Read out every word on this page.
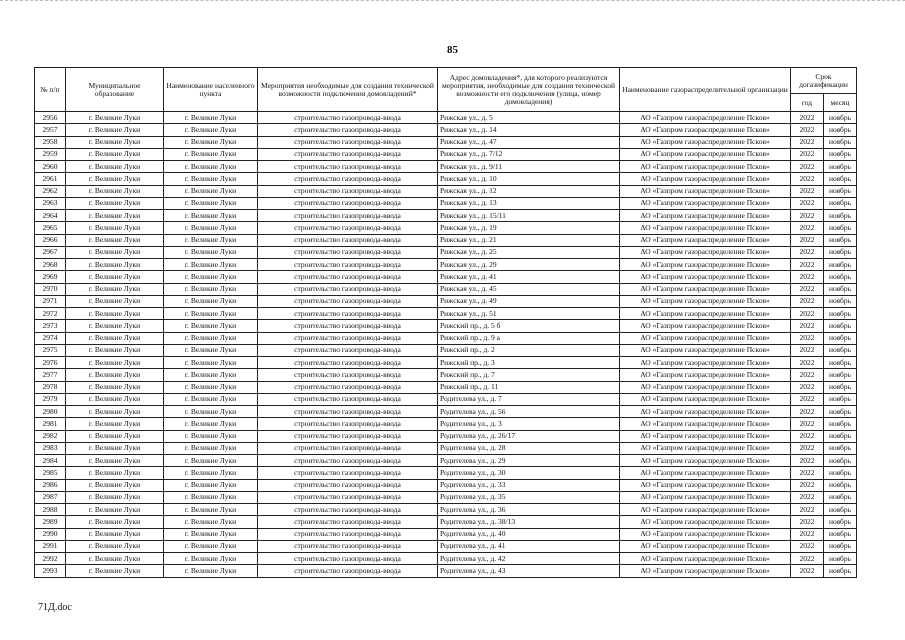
85
№ п/п	Муниципальное образование	Наименование населенного пункта	Мероприятия необходимые для создания технической возможности подключения домовладений*	Адрес домовладения*, для которого реализуются мероприятия, необходимые для создания технической возможности его подключения (улица, номер домовладения)	Наименование газораспределительной организации	Срок догазификации	
						год	месяц
2956	г. Великие Луки	г. Великие Луки	строительство газопровода-ввода	Рижская ул., д. 5	АО «Газпром газораспределение Псков»	2022	ноябрь
2957	г. Великие Луки	г. Великие Луки	строительство газопровода-ввода	Рижская ул., д. 14	АО «Газпром газораспределение Псков»	2022	ноябрь
2958	г. Великие Луки	г. Великие Луки	строительство газопровода-ввода	Рижская ул., д. 47	АО «Газпром газораспределение Псков»	2022	ноябрь
2959	г. Великие Луки	г. Великие Луки	строительство газопровода-ввода	Рижская ул., д. 7/12	АО «Газпром газораспределение Псков»	2022	ноябрь
2960	г. Великие Луки	г. Великие Луки	строительство газопровода-ввода	Рижская ул., д. 9/11	АО «Газпром газораспределение Псков»	2022	ноябрь
2961	г. Великие Луки	г. Великие Луки	строительство газопровода-ввода	Рижская ул., д. 10	АО «Газпром газораспределение Псков»	2022	ноябрь
2962	г. Великие Луки	г. Великие Луки	строительство газопровода-ввода	Рижская ул., д. 12	АО «Газпром газораспределение Псков»	2022	ноябрь
2963	г. Великие Луки	г. Великие Луки	строительство газопровода-ввода	Рижская ул., д. 13	АО «Газпром газораспределение Псков»	2022	ноябрь
2964	г. Великие Луки	г. Великие Луки	строительство газопровода-ввода	Рижская ул., д. 15/11	АО «Газпром газораспределение Псков»	2022	ноябрь
2965	г. Великие Луки	г. Великие Луки	строительство газопровода-ввода	Рижская ул., д. 19	АО «Газпром газораспределение Псков»	2022	ноябрь
2966	г. Великие Луки	г. Великие Луки	строительство газопровода-ввода	Рижская ул., д. 21	АО «Газпром газораспределение Псков»	2022	ноябрь
2967	г. Великие Луки	г. Великие Луки	строительство газопровода-ввода	Рижская ул., д. 25	АО «Газпром газораспределение Псков»	2022	ноябрь
2968	г. Великие Луки	г. Великие Луки	строительство газопровода-ввода	Рижская ул., д. 29	АО «Газпром газораспределение Псков»	2022	ноябрь
2969	г. Великие Луки	г. Великие Луки	строительство газопровода-ввода	Рижская ул., д. 41	АО «Газпром газораспределение Псков»	2022	ноябрь
2970	г. Великие Луки	г. Великие Луки	строительство газопровода-ввода	Рижская ул., д. 45	АО «Газпром газораспределение Псков»	2022	ноябрь
2971	г. Великие Луки	г. Великие Луки	строительство газопровода-ввода	Рижская ул., д. 49	АО «Газпром газораспределение Псков»	2022	ноябрь
2972	г. Великие Луки	г. Великие Луки	строительство газопровода-ввода	Рижская ул., д. 51	АО «Газпром газораспределение Псков»	2022	ноябрь
2973	г. Великие Луки	г. Великие Луки	строительство газопровода-ввода	Рижский пр., д. 5 б	АО «Газпром газораспределение Псков»	2022	ноябрь
2974	г. Великие Луки	г. Великие Луки	строительство газопровода-ввода	Рижский пр., д. 9 а	АО «Газпром газораспределение Псков»	2022	ноябрь
2975	г. Великие Луки	г. Великие Луки	строительство газопровода-ввода	Рижский пр., д. 2	АО «Газпром газораспределение Псков»	2022	ноябрь
2976	г. Великие Луки	г. Великие Луки	строительство газопровода-ввода	Рижский пр., д. 3	АО «Газпром газораспределение Псков»	2022	ноябрь
2977	г. Великие Луки	г. Великие Луки	строительство газопровода-ввода	Рижский пр., д. 7	АО «Газпром газораспределение Псков»	2022	ноябрь
2978	г. Великие Луки	г. Великие Луки	строительство газопровода-ввода	Рижский пр., д. 11	АО «Газпром газораспределение Псков»	2022	ноябрь
2979	г. Великие Луки	г. Великие Луки	строительство газопровода-ввода	Родителева ул., д. 7	АО «Газпром газораспределение Псков»	2022	ноябрь
2980	г. Великие Луки	г. Великие Луки	строительство газопровода-ввода	Родителева ул., д. 56	АО «Газпром газораспределение Псков»	2022	ноябрь
2981	г. Великие Луки	г. Великие Луки	строительство газопровода-ввода	Родителева ул., д. 3	АО «Газпром газораспределение Псков»	2022	ноябрь
2982	г. Великие Луки	г. Великие Луки	строительство газопровода-ввода	Родителева ул., д. 26/17	АО «Газпром газораспределение Псков»	2022	ноябрь
2983	г. Великие Луки	г. Великие Луки	строительство газопровода-ввода	Родителева ул., д. 28	АО «Газпром газораспределение Псков»	2022	ноябрь
2984	г. Великие Луки	г. Великие Луки	строительство газопровода-ввода	Родителева ул., д. 29	АО «Газпром газораспределение Псков»	2022	ноябрь
2985	г. Великие Луки	г. Великие Луки	строительство газопровода-ввода	Родителева ул., д. 30	АО «Газпром газораспределение Псков»	2022	ноябрь
2986	г. Великие Луки	г. Великие Луки	строительство газопровода-ввода	Родителева ул., д. 33	АО «Газпром газораспределение Псков»	2022	ноябрь
2987	г. Великие Луки	г. Великие Луки	строительство газопровода-ввода	Родителева ул., д. 35	АО «Газпром газораспределение Псков»	2022	ноябрь
2988	г. Великие Луки	г. Великие Луки	строительство газопровода-ввода	Родителева ул., д. 36	АО «Газпром газораспределение Псков»	2022	ноябрь
2989	г. Великие Луки	г. Великие Луки	строительство газопровода-ввода	Родителева ул., д. 38/13	АО «Газпром газораспределение Псков»	2022	ноябрь
2990	г. Великие Луки	г. Великие Луки	строительство газопровода-ввода	Родителева ул., д. 40	АО «Газпром газораспределение Псков»	2022	ноябрь
2991	г. Великие Луки	г. Великие Луки	строительство газопровода-ввода	Родителева ул., д. 41	АО «Газпром газораспределение Псков»	2022	ноябрь
2992	г. Великие Луки	г. Великие Луки	строительство газопровода-ввода	Родителева ул., д. 42	АО «Газпром газораспределение Псков»	2022	ноябрь
2993	г. Великие Луки	г. Великие Луки	строительство газопровода-ввода	Родителева ул., д. 43	АО «Газпром газораспределение Псков»	2022	ноябрь
71Д.doc
